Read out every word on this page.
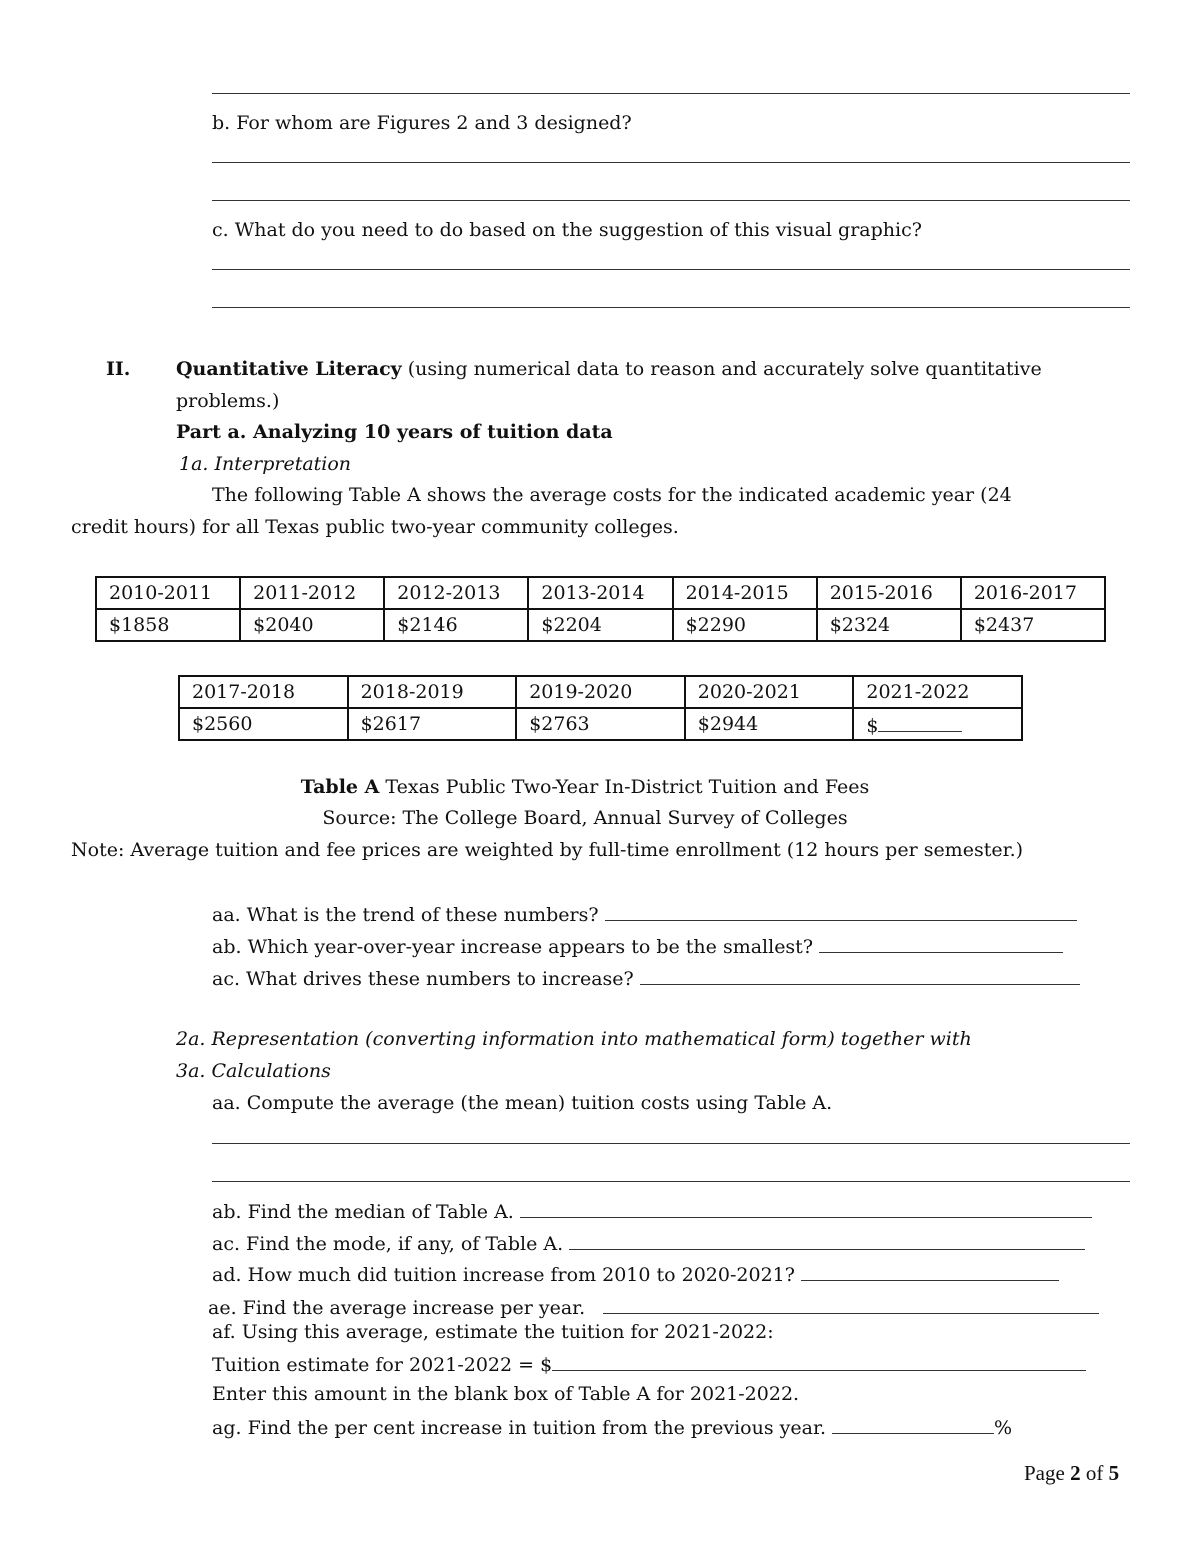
b. For whom are Figures 2 and 3 designed?
c. What do you need to do based on the suggestion of this visual graphic?
II. Quantitative Literacy (using numerical data to reason and accurately solve quantitative
problems.)
Part a. Analyzing 10 years of tuition data
1a. Interpretation
The following Table A shows the average costs for the indicated academic year (24
credit hours) for all Texas public two-year community colleges.
2010-2011	2011-2012	2012-2013	2013-2014	2014-2015	2015-2016	2016-2017
$1858	$2040	$2146	$2204	$2290	$2324	$2437
2017-2018	2018-2019	2019-2020	2020-2021	2021-2022
$2560	$2617	$2763	$2944	$
Table A Texas Public Two-Year In-District Tuition and Fees
Source: The College Board, Annual Survey of Colleges
Note: Average tuition and fee prices are weighted by full-time enrollment (12 hours per semester.)
aa. What is the trend of these numbers?
ab. Which year-over-year increase appears to be the smallest?
ac. What drives these numbers to increase?
2a. Representation (converting information into mathematical form) together with
3a. Calculations
aa. Compute the average (the mean) tuition costs using Table A.
ab. Find the median of Table A.
ac. Find the mode, if any, of Table A.
ad. How much did tuition increase from 2010 to 2020-2021?
ae. Find the average increase per year.
af. Using this average, estimate the tuition for 2021-2022:
Tuition estimate for 2021-2022 = $
Enter this amount in the blank box of Table A for 2021-2022.
ag. Find the per cent increase in tuition from the previous year.	%
Page 2 of 5
